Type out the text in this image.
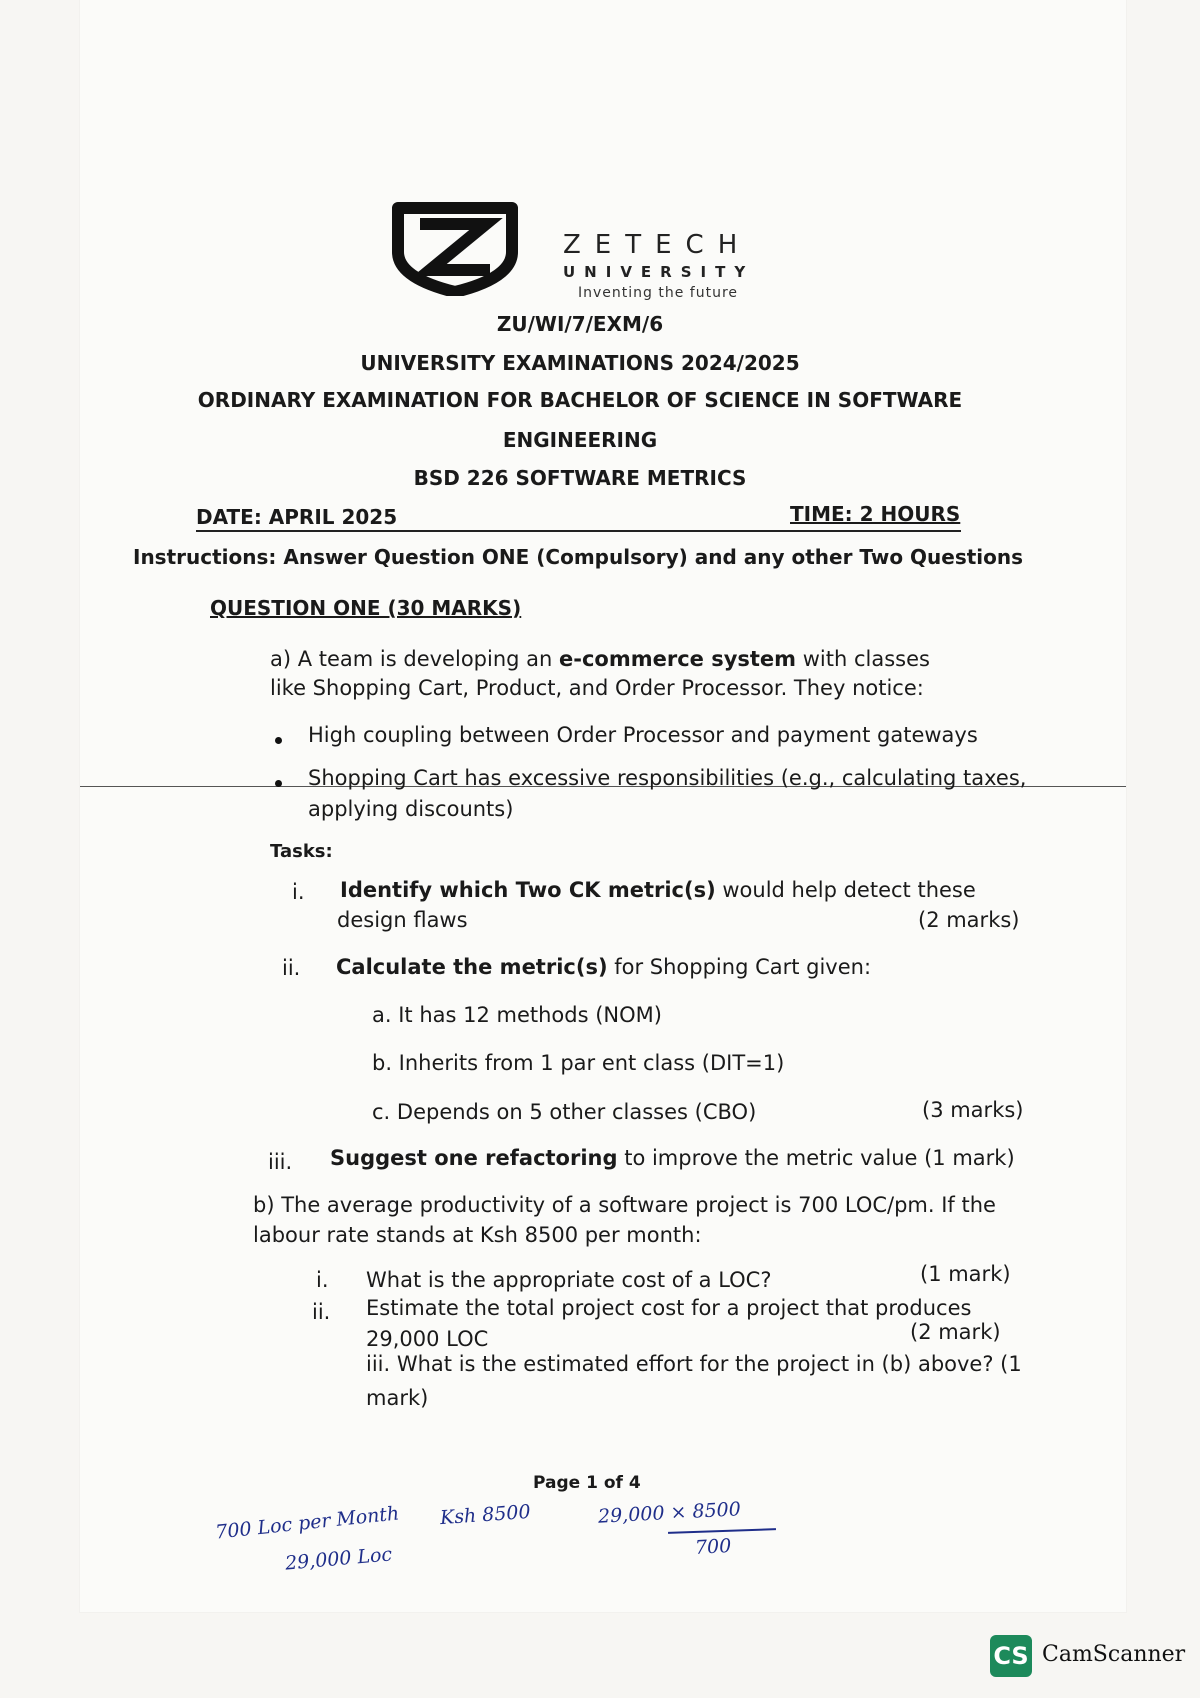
ZETECH
UNIVERSITY
Inventing the future
ZU/WI/7/EXM/6
UNIVERSITY EXAMINATIONS 2024/2025
ORDINARY EXAMINATION FOR BACHELOR OF SCIENCE IN SOFTWARE
ENGINEERING
BSD 226 SOFTWARE METRICS
DATE: APRIL 2025	TIME: 2 HOURS
Instructions: Answer Question ONE (Compulsory) and any other Two Questions
QUESTION ONE (30 MARKS)
a) A team is developing an e-commerce system with classes
like Shopping Cart, Product, and Order Processor. They notice:
High coupling between Order Processor and payment gateways
Shopping Cart has excessive responsibilities (e.g., calculating taxes,
applying discounts)
Tasks:
i. Identify which Two CK metric(s) would help detect these
design flaws	(2 marks)
ii. Calculate the metric(s) for Shopping Cart given:
a. It has 12 methods (NOM)
b. Inherits from 1 par ent class (DIT=1)
c. Depends on 5 other classes (CBO)	(3 marks)
iii. Suggest one refactoring to improve the metric value (1 mark)
b) The average productivity of a software project is 700 LOC/pm. If the
labour rate stands at Ksh 8500 per month:
i. What is the appropriate cost of a LOC?	(1 mark)
ii. Estimate the total project cost for a project that produces
29,000 LOC	(2 mark)
iii. What is the estimated effort for the project in (b) above? (1
mark)
Page 1 of 4
700 Loc per Month Ksh 8500
29,000 Loc
29,000 × 8500
700
CS CamScanner
